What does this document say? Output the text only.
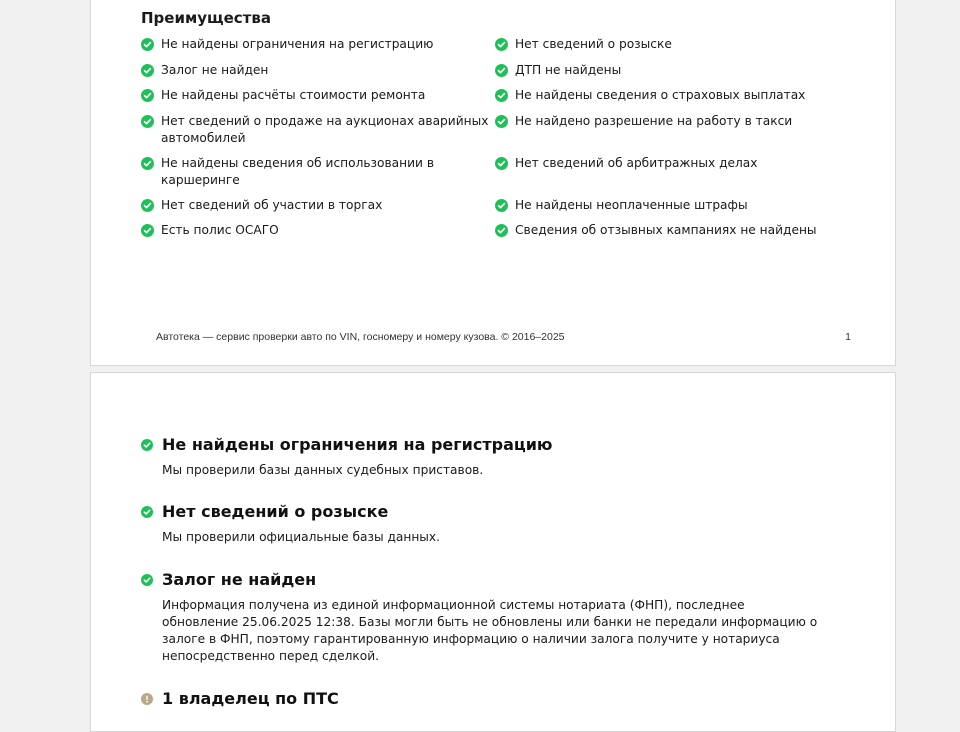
Преимущества
Не найдены ограничения на регистрацию
Залог не найден
Не найдены расчёты стоимости ремонта
Нет сведений о продаже на аукционах аварийных автомобилей
Не найдены сведения об использовании в каршеринге
Нет сведений об участии в торгах
Есть полис ОСАГО
Нет сведений о розыске
ДТП не найдены
Не найдены сведения о страховых выплатах
Не найдено разрешение на работу в такси
Нет сведений об арбитражных делах
Не найдены неоплаченные штрафы
Сведения об отзывных кампаниях не найдены
Автотека — сервис проверки авто по VIN, госномеру и номеру кузова. © 2016–2025	1
Не найдены ограничения на регистрацию
Мы проверили базы данных судебных приставов.
Нет сведений о розыске
Мы проверили официальные базы данных.
Залог не найден
Информация получена из единой информационной системы нотариата (ФНП), последнее обновление 25.06.2025 12:38. Базы могли быть не обновлены или банки не передали информацию о залоге в ФНП, поэтому гарантированную информацию о наличии залога получите у нотариуса непосредственно перед сделкой.
1 владелец по ПТС
